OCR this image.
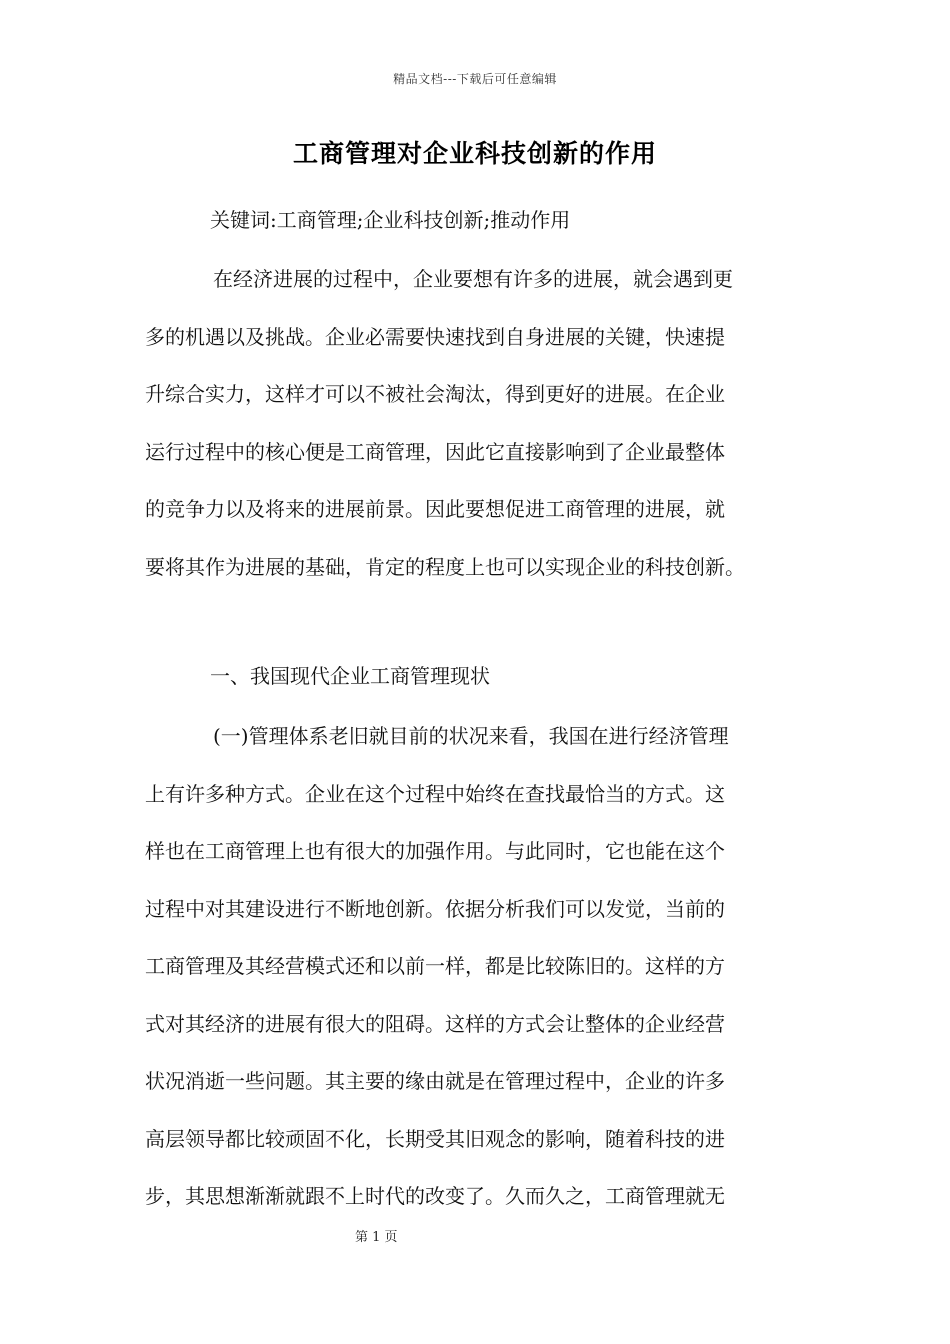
精品文档---下载后可任意编辑
工商管理对企业科技创新的作用
关键词:工商管理;企业科技创新;推动作用
在经济进展的过程中，企业要想有许多的进展，就会遇到更
多的机遇以及挑战。企业必需要快速找到自身进展的关键，快速提
升综合实力，这样才可以不被社会淘汰，得到更好的进展。在企业
运行过程中的核心便是工商管理，因此它直接影响到了企业最整体
的竞争力以及将来的进展前景。因此要想促进工商管理的进展，就
要将其作为进展的基础，肯定的程度上也可以实现企业的科技创新。
一、我国现代企业工商管理现状
(一)管理体系老旧就目前的状况来看，我国在进行经济管理
上有许多种方式。企业在这个过程中始终在查找最恰当的方式。这
样也在工商管理上也有很大的加强作用。与此同时，它也能在这个
过程中对其建设进行不断地创新。依据分析我们可以发觉，当前的
工商管理及其经营模式还和以前一样，都是比较陈旧的。这样的方
式对其经济的进展有很大的阻碍。这样的方式会让整体的企业经营
状况消逝一些问题。其主要的缘由就是在管理过程中，企业的许多
高层领导都比较顽固不化，长期受其旧观念的影响，随着科技的进
步，其思想渐渐就跟不上时代的改变了。久而久之，工商管理就无
第 1 页
